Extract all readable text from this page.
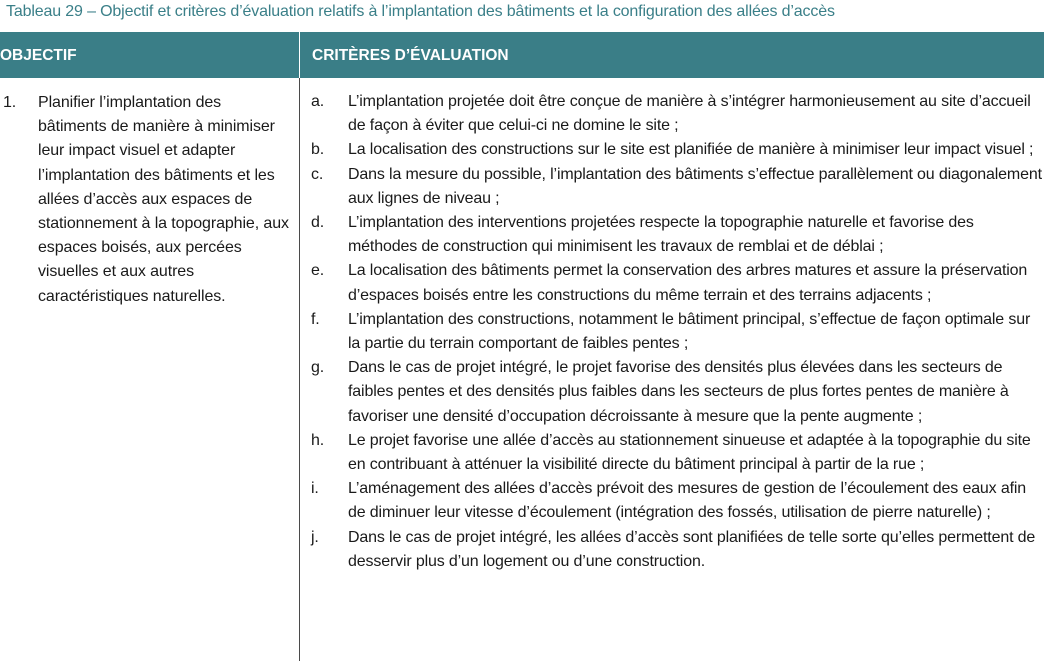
Tableau 29 – Objectif et critères d’évaluation relatifs à l’implantation des bâtiments et la configuration des allées d’accès
OBJECTIF	CRITÈRES D’ÉVALUATION
1. Planifier l’implantation des bâtiments de manière à minimiser leur impact visuel et adapter l’implantation des bâtiments et les allées d’accès aux espaces de stationnement à la topographie, aux espaces boisés, aux percées visuelles et aux autres caractéristiques naturelles.
a. L’implantation projetée doit être conçue de manière à s’intégrer harmonieusement au site d’accueil de façon à éviter que celui-ci ne domine le site ;
b. La localisation des constructions sur le site est planifiée de manière à minimiser leur impact visuel ;
c. Dans la mesure du possible, l’implantation des bâtiments s’effectue parallèlement ou diagonalement aux lignes de niveau ;
d. L’implantation des interventions projetées respecte la topographie naturelle et favorise des méthodes de construction qui minimisent les travaux de remblai et de déblai ;
e. La localisation des bâtiments permet la conservation des arbres matures et assure la préservation d’espaces boisés entre les constructions du même terrain et des terrains adjacents ;
f. L’implantation des constructions, notamment le bâtiment principal, s’effectue de façon optimale sur la partie du terrain comportant de faibles pentes ;
g. Dans le cas de projet intégré, le projet favorise des densités plus élevées dans les secteurs de faibles pentes et des densités plus faibles dans les secteurs de plus fortes pentes de manière à favoriser une densité d’occupation décroissante à mesure que la pente augmente ;
h. Le projet favorise une allée d’accès au stationnement sinueuse et adaptée à la topographie du site en contribuant à atténuer la visibilité directe du bâtiment principal à partir de la rue ;
i. L’aménagement des allées d’accès prévoit des mesures de gestion de l’écoulement des eaux afin de diminuer leur vitesse d’écoulement (intégration des fossés, utilisation de pierre naturelle) ;
j. Dans le cas de projet intégré, les allées d’accès sont planifiées de telle sorte qu’elles permettent de desservir plus d’un logement ou d’une construction.
